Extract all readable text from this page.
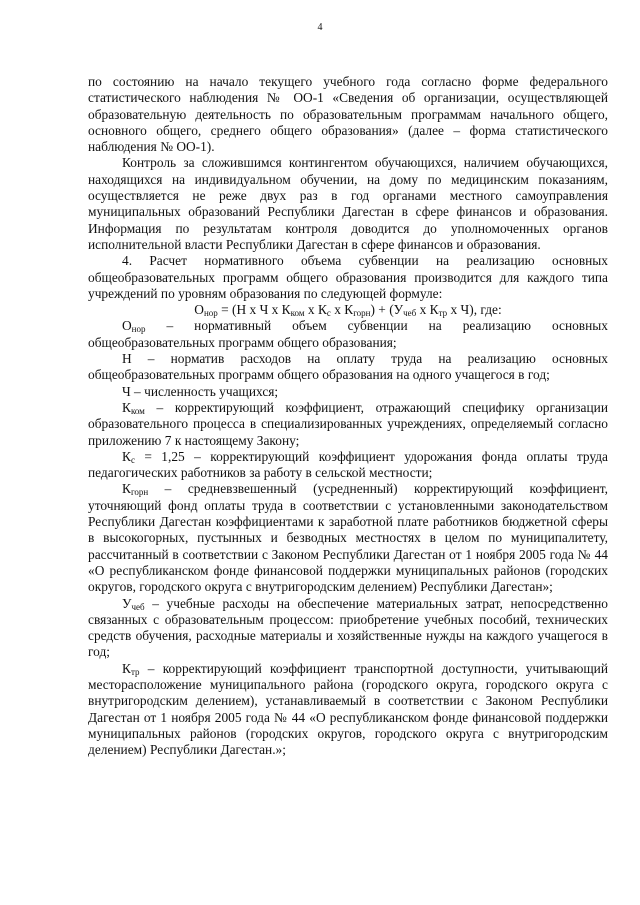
4

по состоянию на начало текущего учебного года согласно форме федерального статистического наблюдения № ОО-1 «Сведения об организации, осуществляющей образовательную деятельность по образовательным программам начального общего, основного общего, среднего общего образования» (далее – форма статистического наблюдения № ОО-1).

Контроль за сложившимся контингентом обучающихся, наличием обучающихся, находящихся на индивидуальном обучении, на дому по медицинским показаниям, осуществляется не реже двух раз в год органами местного самоуправления муниципальных образований Республики Дагестан в сфере финансов и образования. Информация по результатам контроля доводится до уполномоченных органов исполнительной власти Республики Дагестан в сфере финансов и образования.

4. Расчет нормативного объема субвенции на реализацию основных общеобразовательных программ общего образования производится для каждого типа учреждений по уровням образования по следующей формуле:

$О_{нор} = (Н$ х Ч х $К_{ком}$ х $К_с$ х $К_{горн}) + (У_{чеб}$ х $К_{тр}$ х Ч), где:

$О_{нор}$ – нормативный объем субвенции на реализацию основных общеобразовательных программ общего образования;

Н – норматив расходов на оплату труда на реализацию основных общеобразовательных программ общего образования на одного учащегося в год;

Ч – численность учащихся;

$К_{ком}$ – корректирующий коэффициент, отражающий специфику организации образовательного процесса в специализированных учреждениях, определяемый согласно приложению 7 к настоящему Закону;

$К_с = 1,25$ – корректирующий коэффициент удорожания фонда оплаты труда педагогических работников за работу в сельской местности;

$К_{горн}$ – средневзвешенный (усредненный) корректирующий коэффициент, уточняющий фонд оплаты труда в соответствии с установленными законодательством Республики Дагестан коэффициентами к заработной плате работников бюджетной сферы в высокогорных, пустынных и безводных местностях в целом по муниципалитету, рассчитанный в соответствии с Законом Республики Дагестан от 1 ноября 2005 года № 44 «О республиканском фонде финансовой поддержки муниципальных районов (городских округов, городского округа с внутригородским делением) Республики Дагестан»;

$У_{чеб}$ – учебные расходы на обеспечение материальных затрат, непосредственно связанных с образовательным процессом: приобретение учебных пособий, технических средств обучения, расходные материалы и хозяйственные нужды на каждого учащегося в год;

$К_{тр}$ – корректирующий коэффициент транспортной доступности, учитывающий месторасположение муниципального района (городского округа, городского округа с внутригородским делением), устанавливаемый в соответствии с Законом Республики Дагестан от 1 ноября 2005 года № 44 «О республиканском фонде финансовой поддержки муниципальных районов (городских округов, городского округа с внутригородским делением) Республики Дагестан.»;
